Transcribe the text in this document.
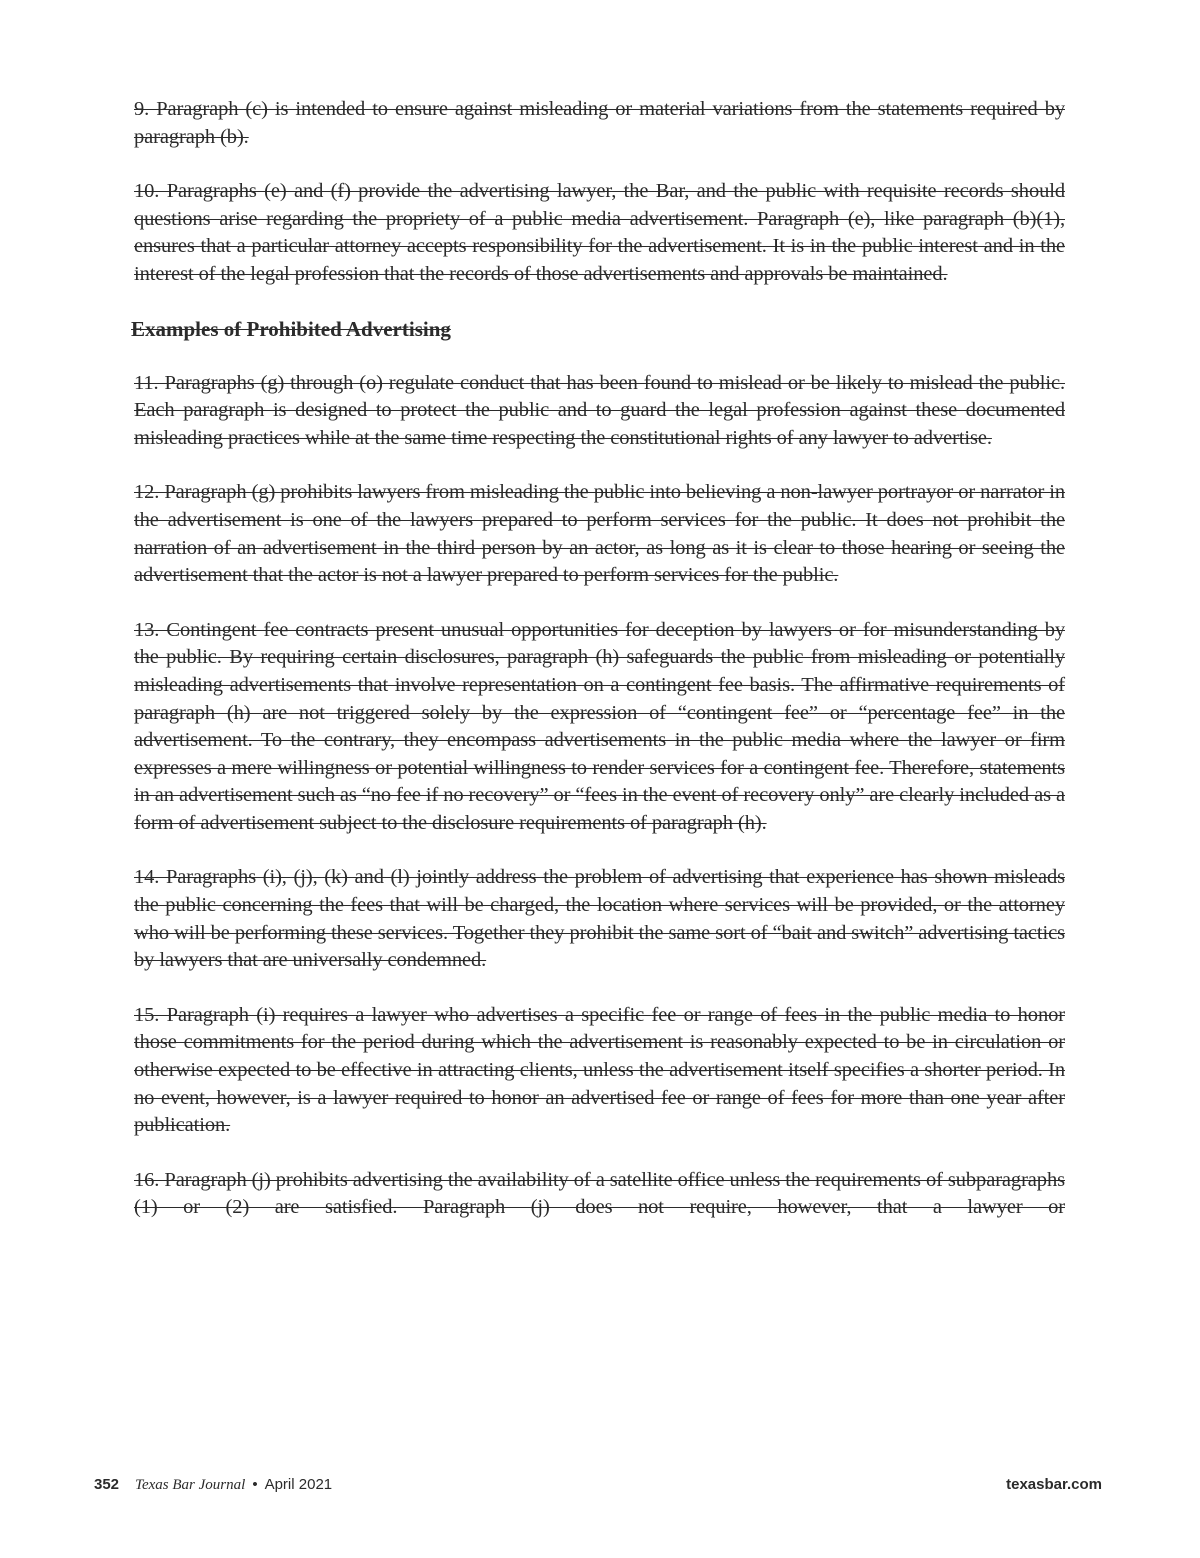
9. Paragraph (c) is intended to ensure against misleading or material variations from the statements required by paragraph (b).

10. Paragraphs (e) and (f) provide the advertising lawyer, the Bar, and the public with requisite records should questions arise regarding the propriety of a public media advertisement. Paragraph (e), like paragraph (b)(1), ensures that a particular attorney accepts responsibility for the advertisement. It is in the public interest and in the interest of the legal profession that the records of those advertisements and approvals be maintained.

Examples of Prohibited Advertising

11. Paragraphs (g) through (o) regulate conduct that has been found to mislead or be likely to mislead the public. Each paragraph is designed to protect the public and to guard the legal profession against these documented misleading practices while at the same time respecting the constitutional rights of any lawyer to advertise.

12. Paragraph (g) prohibits lawyers from misleading the public into believing a non-lawyer portrayor or narrator in the advertisement is one of the lawyers prepared to perform services for the public. It does not prohibit the narration of an advertisement in the third person by an actor, as long as it is clear to those hearing or seeing the advertisement that the actor is not a lawyer prepared to perform services for the public.

13. Contingent fee contracts present unusual opportunities for deception by lawyers or for misunderstanding by the public. By requiring certain disclosures, paragraph (h) safeguards the public from misleading or potentially misleading advertisements that involve representation on a contingent fee basis. The affirmative requirements of paragraph (h) are not triggered solely by the expression of “contingent fee” or “percentage fee” in the advertisement. To the contrary, they encompass advertisements in the public media where the lawyer or firm expresses a mere willingness or potential willingness to render services for a contingent fee. Therefore, statements in an advertisement such as “no fee if no recovery” or “fees in the event of recovery only” are clearly included as a form of advertisement subject to the disclosure requirements of paragraph (h).

14. Paragraphs (i), (j), (k) and (l) jointly address the problem of advertising that experience has shown misleads the public concerning the fees that will be charged, the location where services will be provided, or the attorney who will be performing these services. Together they prohibit the same sort of “bait and switch” advertising tactics by lawyers that are universally condemned.

15. Paragraph (i) requires a lawyer who advertises a specific fee or range of fees in the public media to honor those commitments for the period during which the advertisement is reasonably expected to be in circulation or otherwise expected to be effective in attracting clients, unless the advertisement itself specifies a shorter period. In no event, however, is a lawyer required to honor an advertised fee or range of fees for more than one year after publication.

16. Paragraph (j) prohibits advertising the availability of a satellite office unless the requirements of subparagraphs (1) or (2) are satisfied. Paragraph (j) does not require, however, that a lawyer or

352 Texas Bar Journal • April 2021	texasbar.com
